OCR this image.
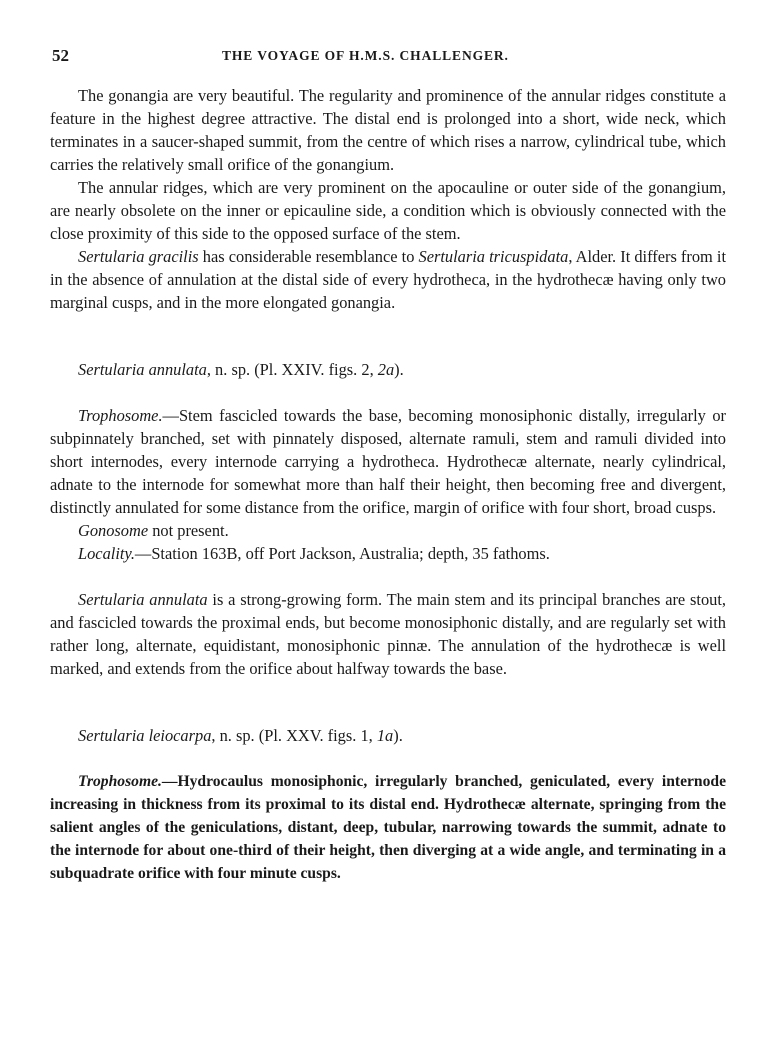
52	THE VOYAGE OF H.M.S. CHALLENGER.

The gonangia are very beautiful. The regularity and prominence of the annular ridges constitute a feature in the highest degree attractive. The distal end is prolonged into a short, wide neck, which terminates in a saucer-shaped summit, from the centre of which rises a narrow, cylindrical tube, which carries the relatively small orifice of the gonangium.

The annular ridges, which are very prominent on the apocauline or outer side of the gonangium, are nearly obsolete on the inner or epicauline side, a condition which is obviously connected with the close proximity of this side to the opposed surface of the stem.

Sertularia gracilis has considerable resemblance to Sertularia tricuspidata, Alder. It differs from it in the absence of annulation at the distal side of every hydrotheca, in the hydrothecæ having only two marginal cusps, and in the more elongated gonangia.

Sertularia annulata, n. sp. (Pl. XXIV. figs. 2, 2a).

Trophosome.—Stem fascicled towards the base, becoming monosiphonic distally, irregularly or subpinnately branched, set with pinnately disposed, alternate ramuli, stem and ramuli divided into short internodes, every internode carrying a hydrotheca. Hydrothecæ alternate, nearly cylindrical, adnate to the internode for somewhat more than half their height, then becoming free and divergent, distinctly annulated for some distance from the orifice, margin of orifice with four short, broad cusps.

Gonosome not present.

Locality.—Station 163B, off Port Jackson, Australia; depth, 35 fathoms.

Sertularia annulata is a strong-growing form. The main stem and its principal branches are stout, and fascicled towards the proximal ends, but become monosiphonic distally, and are regularly set with rather long, alternate, equidistant, monosiphonic pinnæ. The annulation of the hydrothecæ is well marked, and extends from the orifice about halfway towards the base.

Sertularia leiocarpa, n. sp. (Pl. XXV. figs. 1, 1a).

Trophosome.—Hydrocaulus monosiphonic, irregularly branched, geniculated, every internode increasing in thickness from its proximal to its distal end. Hydrothecæ alternate, springing from the salient angles of the geniculations, distant, deep, tubular, narrowing towards the summit, adnate to the internode for about one-third of their height, then diverging at a wide angle, and terminating in a subquadrate orifice with four minute cusps.
